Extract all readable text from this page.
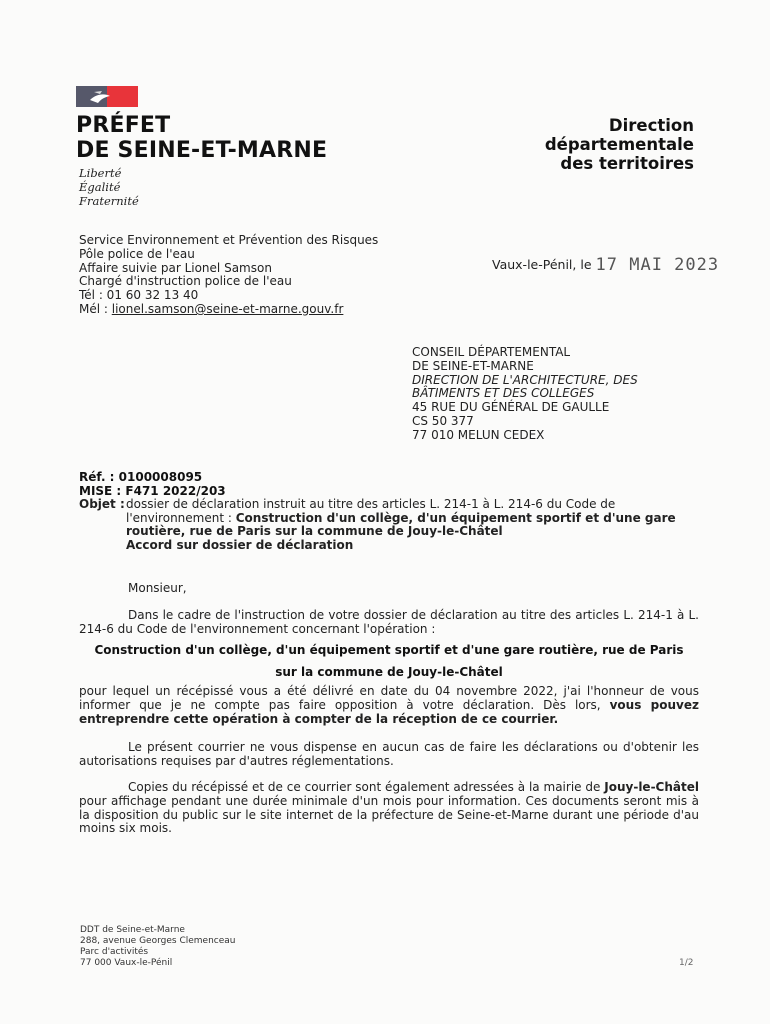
PRÉFET
DE SEINE-ET-MARNE
Liberté
Égalité
Fraternité
Direction
départementale
des territoires
Service Environnement et Prévention des Risques
Pôle police de l'eau
Affaire suivie par Lionel Samson
Chargé d'instruction police de l'eau
Tél : 01 60 32 13 40
Mél : lionel.samson@seine-et-marne.gouv.fr
Vaux-le-Pénil, le 17 MAI 2023
CONSEIL DÉPARTEMENTAL
DE SEINE-ET-MARNE
DIRECTION DE L'ARCHITECTURE, DES
BÂTIMENTS ET DES COLLEGES
45 RUE DU GÉNÉRAL DE GAULLE
CS 50 377
77 010 MELUN CEDEX
Réf. : 0100008095
MISE : F471 2022/203
Objet : dossier de déclaration instruit au titre des articles L. 214-1 à L. 214-6 du Code de l'environnement : Construction d'un collège, d'un équipement sportif et d'une gare routière, rue de Paris sur la commune de Jouy-le-Châtel
Accord sur dossier de déclaration
Monsieur,
Dans le cadre de l'instruction de votre dossier de déclaration au titre des articles L. 214-1 à L. 214-6 du Code de l'environnement concernant l'opération :
Construction d'un collège, d'un équipement sportif et d'une gare routière, rue de Paris
sur la commune de Jouy-le-Châtel
pour lequel un récépissé vous a été délivré en date du 04 novembre 2022, j'ai l'honneur de vous informer que je ne compte pas faire opposition à votre déclaration. Dès lors, vous pouvez entreprendre cette opération à compter de la réception de ce courrier.
Le présent courrier ne vous dispense en aucun cas de faire les déclarations ou d'obtenir les autorisations requises par d'autres réglementations.
Copies du récépissé et de ce courrier sont également adressées à la mairie de Jouy-le-Châtel pour affichage pendant une durée minimale d'un mois pour information. Ces documents seront mis à la disposition du public sur le site internet de la préfecture de Seine-et-Marne durant une période d'au moins six mois.
DDT de Seine-et-Marne
288, avenue Georges Clemenceau
Parc d'activités
77 000 Vaux-le-Pénil	1/2
